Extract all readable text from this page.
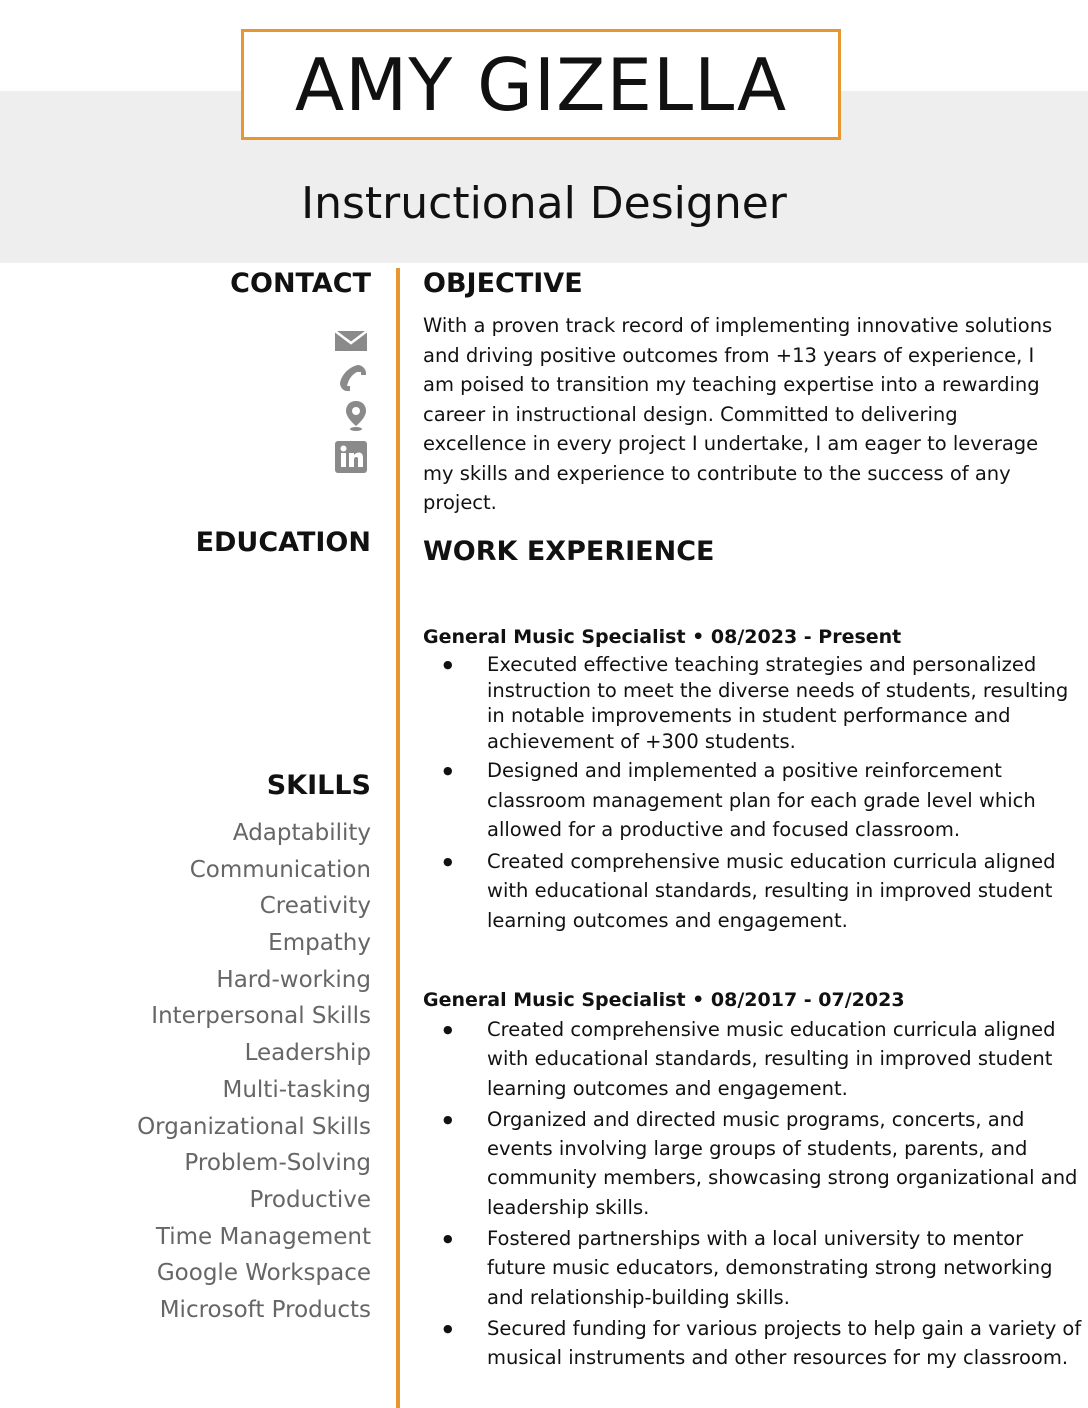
AMY GIZELLA
Instructional Designer
CONTACT
EDUCATION
SKILLS
Adaptability
Communication
Creativity
Empathy
Hard-working
Interpersonal Skills
Leadership
Multi-tasking
Organizational Skills
Problem-Solving
Productive
Time Management
Google Workspace
Microsoft Products
OBJECTIVE

With a proven track record of implementing innovative solutions and driving positive outcomes from +13 years of experience, I am poised to transition my teaching expertise into a rewarding career in instructional design. Committed to delivering excellence in every project I undertake, I am eager to leverage my skills and experience to contribute to the success of any project.

WORK EXPERIENCE
General Music Specialist • 08/2023 - Present
● Executed effective teaching strategies and personalized instruction to meet the diverse needs of students, resulting in notable improvements in student performance and achievement of +300 students.
● Designed and implemented a positive reinforcement classroom management plan for each grade level which allowed for a productive and focused classroom.
● Created comprehensive music education curricula aligned with educational standards, resulting in improved student learning outcomes and engagement.
General Music Specialist • 08/2017 - 07/2023
● Created comprehensive music education curricula aligned with educational standards, resulting in improved student learning outcomes and engagement.
● Organized and directed music programs, concerts, and events involving large groups of students, parents, and community members, showcasing strong organizational and leadership skills.
● Fostered partnerships with a local university to mentor future music educators, demonstrating strong networking and relationship-building skills.
● Secured funding for various projects to help gain a variety of musical instruments and other resources for my classroom.
